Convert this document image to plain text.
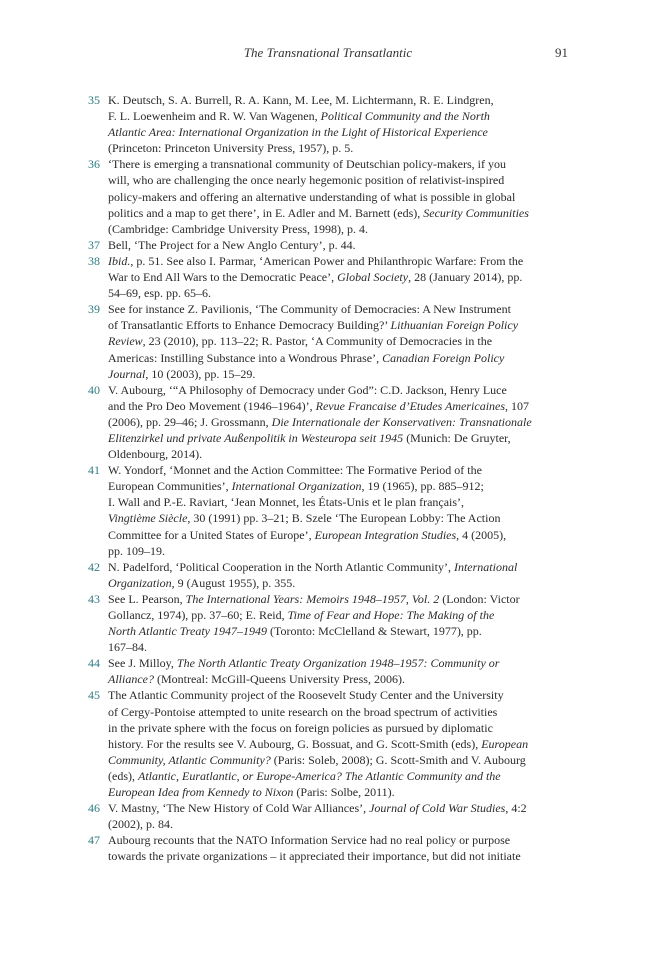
The Transnational Transatlantic	91
35 K. Deutsch, S. A. Burrell, R. A. Kann, M. Lee, M. Lichtermann, R. E. Lindgren,
F. L. Loewenheim and R. W. Van Wagenen, Political Community and the North
Atlantic Area: International Organization in the Light of Historical Experience
(Princeton: Princeton University Press, 1957), p. 5.
36 ‘There is emerging a transnational community of Deutschian policy-makers, if you
will, who are challenging the once nearly hegemonic position of relativist-inspired
policy-makers and offering an alternative understanding of what is possible in global
politics and a map to get there’, in E. Adler and M. Barnett (eds), Security Communities
(Cambridge: Cambridge University Press, 1998), p. 4.
37 Bell, ‘The Project for a New Anglo Century’, p. 44.
38 Ibid., p. 51. See also I. Parmar, ‘American Power and Philanthropic Warfare: From the
War to End All Wars to the Democratic Peace’, Global Society, 28 (January 2014), pp.
54–69, esp. pp. 65–6.
39 See for instance Z. Pavilionis, ‘The Community of Democracies: A New Instrument
of Transatlantic Efforts to Enhance Democracy Building?’ Lithuanian Foreign Policy
Review, 23 (2010), pp. 113–22; R. Pastor, ‘A Community of Democracies in the
Americas: Instilling Substance into a Wondrous Phrase’, Canadian Foreign Policy
Journal, 10 (2003), pp. 15–29.
40 V. Aubourg, ‘“A Philosophy of Democracy under God”: C.D. Jackson, Henry Luce
and the Pro Deo Movement (1946–1964)’, Revue Francaise d’Etudes Americaines, 107
(2006), pp. 29–46; J. Grossmann, Die Internationale der Konservativen: Transnationale
Elitenzirkel und private Außenpolitik in Westeuropa seit 1945 (Munich: De Gruyter,
Oldenbourg, 2014).
41 W. Yondorf, ‘Monnet and the Action Committee: The Formative Period of the
European Communities’, International Organization, 19 (1965), pp. 885–912;
I. Wall and P.-E. Raviart, ‘Jean Monnet, les États-Unis et le plan français’,
Vingtième Siècle, 30 (1991) pp. 3–21; B. Szele ‘The European Lobby: The Action
Committee for a United States of Europe’, European Integration Studies, 4 (2005),
pp. 109–19.
42 N. Padelford, ‘Political Cooperation in the North Atlantic Community’, International
Organization, 9 (August 1955), p. 355.
43 See L. Pearson, The International Years: Memoirs 1948–1957, Vol. 2 (London: Victor
Gollancz, 1974), pp. 37–60; E. Reid, Time of Fear and Hope: The Making of the
North Atlantic Treaty 1947–1949 (Toronto: McClelland & Stewart, 1977), pp.
167–84.
44 See J. Milloy, The North Atlantic Treaty Organization 1948–1957: Community or
Alliance? (Montreal: McGill-Queens University Press, 2006).
45 The Atlantic Community project of the Roosevelt Study Center and the University
of Cergy-Pontoise attempted to unite research on the broad spectrum of activities
in the private sphere with the focus on foreign policies as pursued by diplomatic
history. For the results see V. Aubourg, G. Bossuat, and G. Scott-Smith (eds), European
Community, Atlantic Community? (Paris: Soleb, 2008); G. Scott-Smith and V. Aubourg
(eds), Atlantic, Euratlantic, or Europe-America? The Atlantic Community and the
European Idea from Kennedy to Nixon (Paris: Solbe, 2011).
46 V. Mastny, ‘The New History of Cold War Alliances’, Journal of Cold War Studies, 4:2
(2002), p. 84.
47 Aubourg recounts that the NATO Information Service had no real policy or purpose
towards the private organizations – it appreciated their importance, but did not initiate
